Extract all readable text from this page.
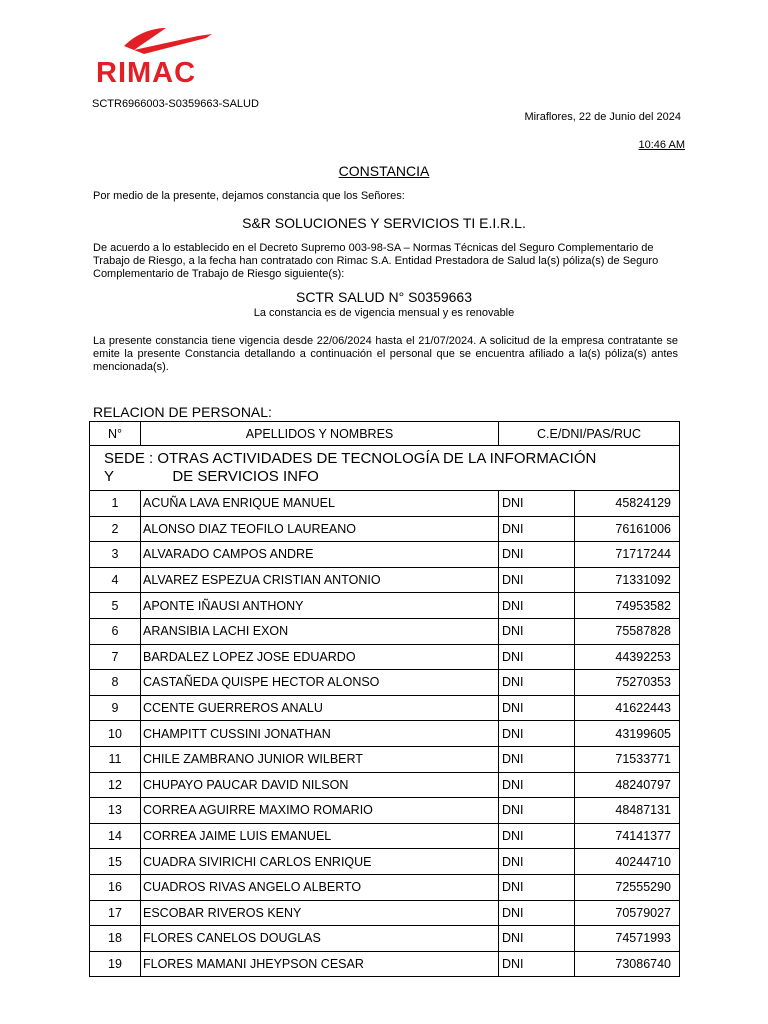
RIMAC
SCTR6966003-S0359663-SALUD
Miraflores, 22 de Junio del 2024
10:46 AM
CONSTANCIA
Por medio de la presente, dejamos constancia que los Señores:
S&R SOLUCIONES Y SERVICIOS TI E.I.R.L.
De acuerdo a lo establecido en el Decreto Supremo 003-98-SA – Normas Técnicas del Seguro Complementario de Trabajo de Riesgo, a la fecha han contratado con Rimac S.A. Entidad Prestadora de Salud la(s) póliza(s) de Seguro Complementario de Trabajo de Riesgo siguiente(s):
SCTR SALUD N° S0359663
La constancia es de vigencia mensual y es renovable
La presente constancia tiene vigencia desde 22/06/2024 hasta el 21/07/2024. A solicitud de la empresa contratante se emite la presente Constancia detallando a continuación el personal que se encuentra afiliado a la(s) póliza(s) antes mencionada(s).
RELACION DE PERSONAL:
N°	APELLIDOS Y NOMBRES	C.E/DNI/PAS/RUC	

SEDE : OTRAS ACTIVIDADES DE TECNOLOGÍA DE LA INFORMACIÓN Y              DE SERVICIOS INFO			

1	ACUÑA LAVA ENRIQUE MANUEL	DNI	45824129
2	ALONSO DIAZ TEOFILO LAUREANO	DNI	76161006
3	ALVARADO CAMPOS ANDRE	DNI	71717244
4	ALVAREZ ESPEZUA CRISTIAN ANTONIO	DNI	71331092
5	APONTE IÑAUSI ANTHONY	DNI	74953582
6	ARANSIBIA LACHI EXON	DNI	75587828
7	BARDALEZ LOPEZ JOSE EDUARDO	DNI	44392253
8	CASTAÑEDA QUISPE HECTOR ALONSO	DNI	75270353
9	CCENTE GUERREROS ANALU	DNI	41622443
10	CHAMPITT CUSSINI JONATHAN	DNI	43199605
11	CHILE ZAMBRANO JUNIOR WILBERT	DNI	71533771
12	CHUPAYO PAUCAR DAVID NILSON	DNI	48240797
13	CORREA AGUIRRE MAXIMO ROMARIO	DNI	48487131
14	CORREA JAIME LUIS EMANUEL	DNI	74141377
15	CUADRA SIVIRICHI CARLOS ENRIQUE	DNI	40244710
16	CUADROS RIVAS ANGELO ALBERTO	DNI	72555290
17	ESCOBAR RIVEROS KENY	DNI	70579027
18	FLORES CANELOS DOUGLAS	DNI	74571993
19	FLORES MAMANI JHEYPSON CESAR	DNI	73086740
